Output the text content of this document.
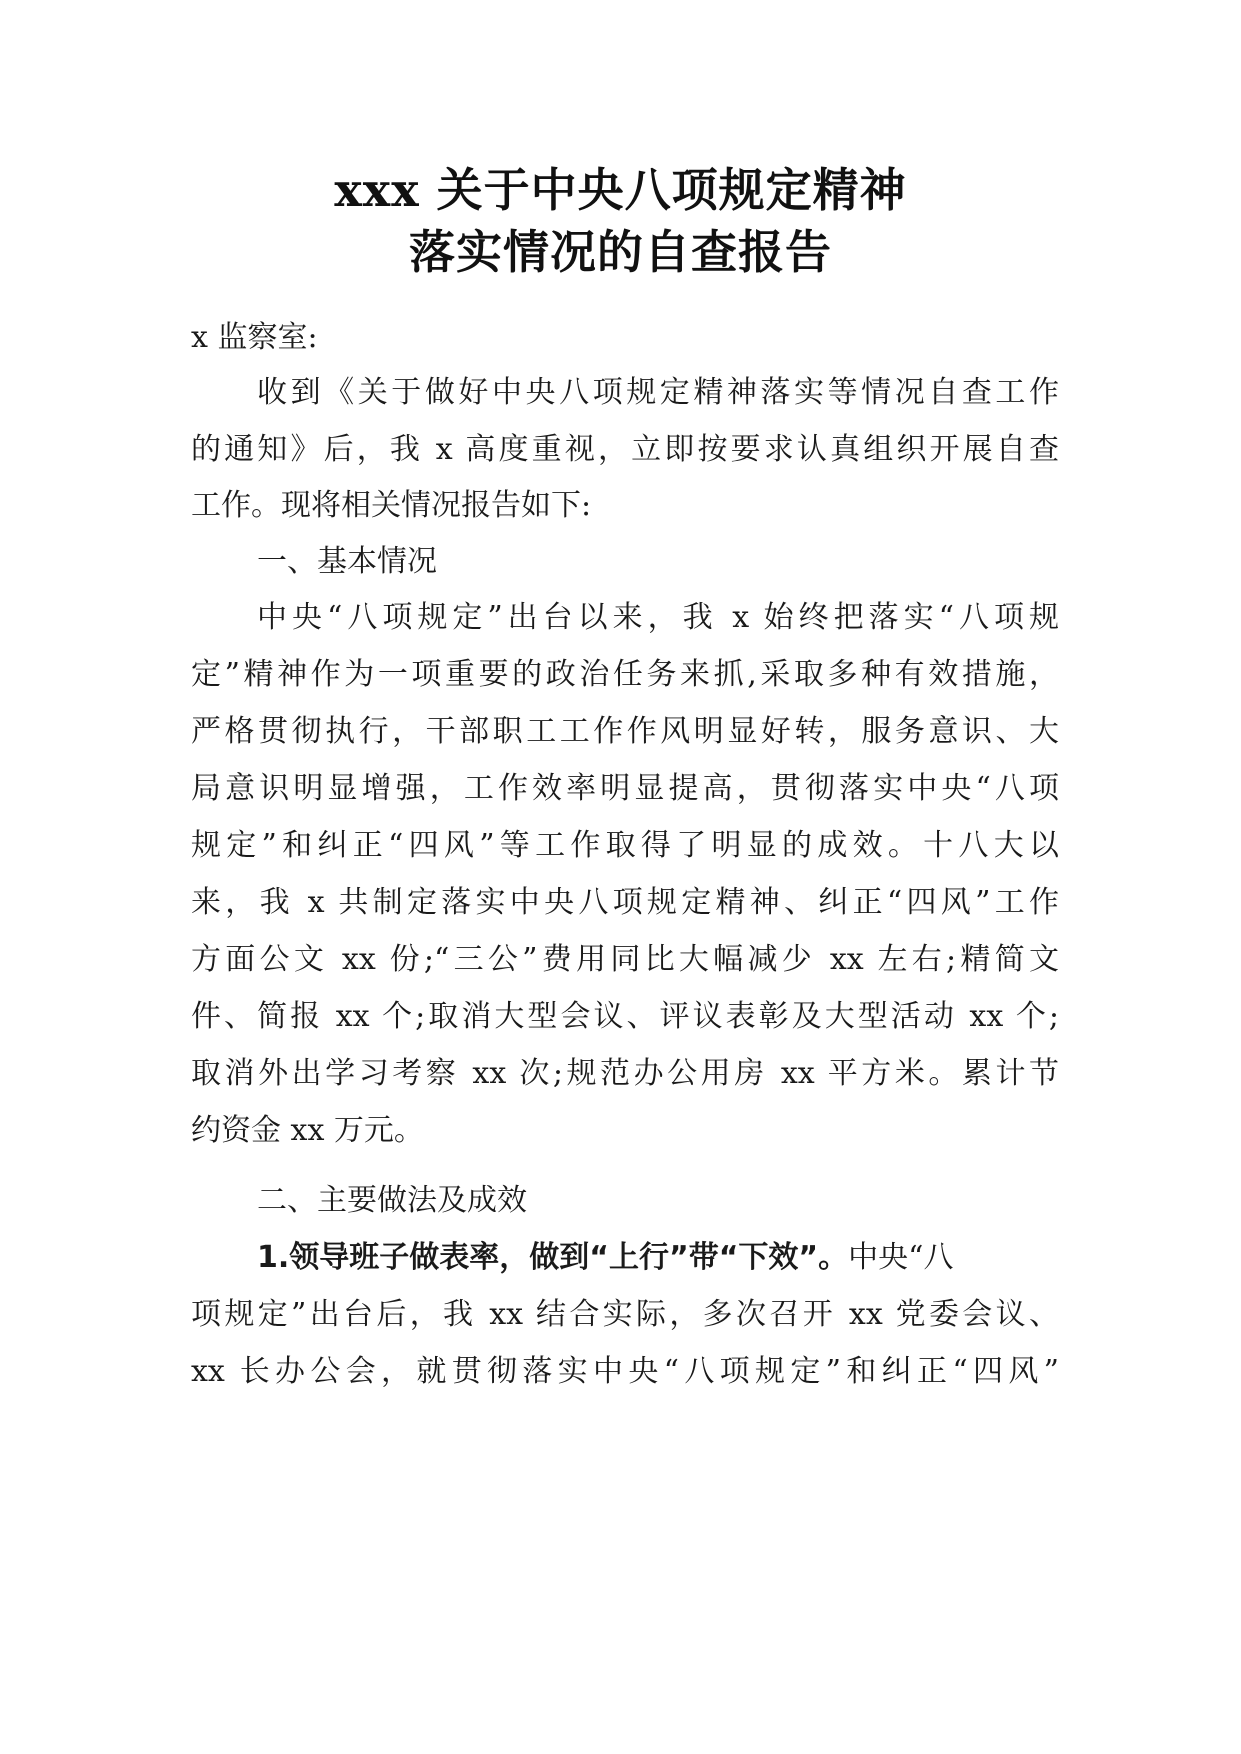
xxx 关于中央八项规定精神
落实情况的自查报告
x 监察室:
收到《关于做好中央八项规定精神落实等情况自查工作
的通知》后，我 x 高度重视，立即按要求认真组织开展自查
工作。现将相关情况报告如下:
一、基本情况
中央“八项规定”出台以来，我 x 始终把落实“八项规
定”精神作为一项重要的政治任务来抓,采取多种有效措施，
严格贯彻执行，干部职工工作作风明显好转，服务意识、大
局意识明显增强，工作效率明显提高，贯彻落实中央“八项
规定”和纠正“四风”等工作取得了明显的成效。十八大以
来，我 x 共制定落实中央八项规定精神、纠正“四风”工作
方面公文 xx 份;“三公”费用同比大幅减少 xx 左右;精简文
件、简报 xx 个;取消大型会议、评议表彰及大型活动 xx 个;
取消外出学习考察 xx 次;规范办公用房 xx 平方米。累计节
约资金 xx 万元。
二、主要做法及成效
1.领导班子做表率，做到“上行”带“下效”。中央“八
项规定”出台后，我 xx 结合实际，多次召开 xx 党委会议、
xx 长办公会，就贯彻落实中央“八项规定”和纠正“四风”
